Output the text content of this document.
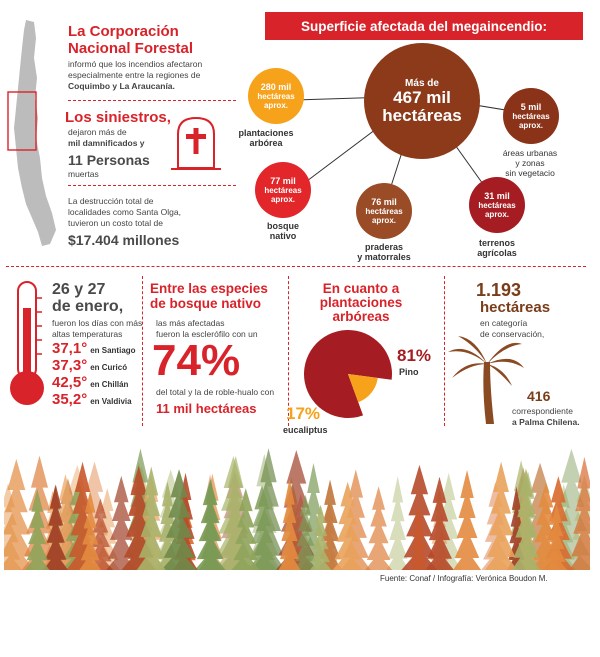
La Corporación
Nacional Forestal
informó que los incendios afectaron
especialmente entre la regiones de
Coquimbo y La Araucanía.
Los siniestros,
dejaron más de
mil damnificados y
11 Personas
muertas
La destrucción total de
localidades como Santa Olga,
tuvieron un costo total de
$17.404 millones
Superficie afectada del megaincendio:
Más de
467 mil
hectáreas
280 mil
hectáreas
aprox.
plantaciones
arbórea
5 mil
hectáreas
aprox.
áreas urbanas
y zonas
sin vegetacio
77 mil
hectáreas
aprox.
bosque
nativo
76 mil
hectáreas
aprox.
praderas
y matorrales
31 mil
hectáreas
aprox.
terrenos
agrícolas
26 y 27
de enero,
fueron los días con más
altas temperaturas
37,1° en Santiago
37,3° en Curicó
42,5° en Chillán
35,2° en Valdivia
Entre las especies
de bosque nativo
las más afectadas
fueron la esclerófilo con un
74%
del total y la de roble-hualo con
11 mil hectáreas
En cuanto a
plantaciones
arbóreas
81%
Pino
17%
eucaliptus
1.193
hectáreas
en categoría
de conservación,
416
correspondiente
a Palma Chilena.
Fuente: Conaf / Infografía: Verónica Boudon M.
